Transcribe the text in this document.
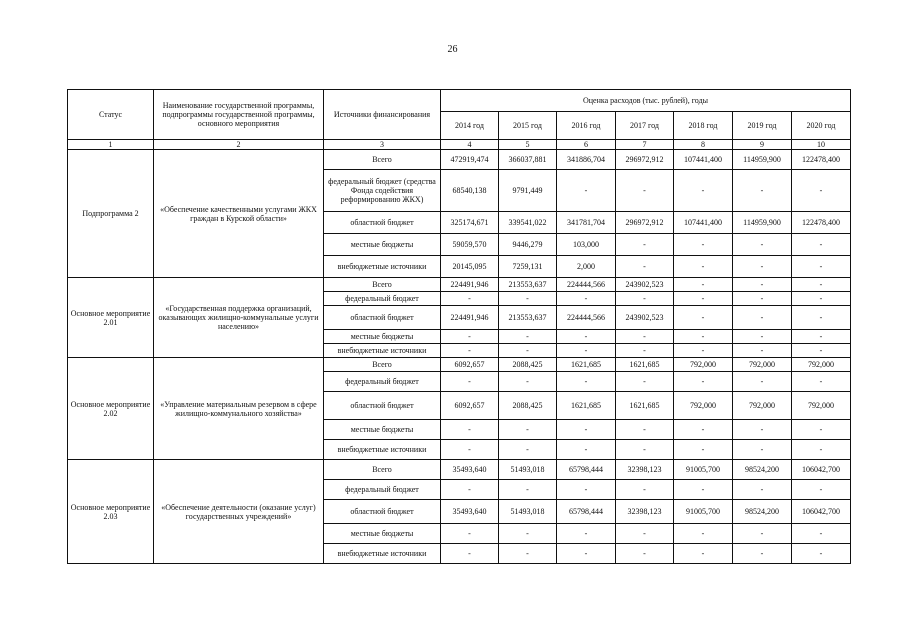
26
Статус	Наименование государственной программы, подпрограммы государственной программы, основного мероприятия	Источники финансирования	Оценка расходов (тыс. рублей), годы						
			2014 год	2015 год	2016 год	2017 год	2018 год	2019 год	2020 год
1	2	3	4	5	6	7	8	9	10
Подпрограмма 2	«Обеспечение качественными услугами ЖКХ граждан в Курской области»	Всего	472919,474	366037,881	341886,704	296972,912	107441,400	114959,900	122478,400
		федеральный бюджет (средства Фонда содействия реформированию ЖКХ)	68540,138	9791,449	-	-	-	-	-
		областной бюджет	325174,671	339541,022	341781,704	296972,912	107441,400	114959,900	122478,400
		местные бюджеты	59059,570	9446,279	103,000	-	-	-	-
		внебюджетные источники	20145,095	7259,131	2,000	-	-	-	-
Основное мероприятие 2.01	«Государственная поддержка организаций, оказывающих жилищно-коммунальные услуги населению»	Всего	224491,946	213553,637	224444,566	243902,523	-	-	-
		федеральный бюджет	-	-	-	-	-	-	-
		областной бюджет	224491,946	213553,637	224444,566	243902,523	-	-	-
		местные бюджеты	-	-	-	-	-	-	-
		внебюджетные источники	-	-	-	-	-	-	-
Основное мероприятие 2.02	«Управление материальным резервом в сфере жилищно-коммунального хозяйства»	Всего	6092,657	2088,425	1621,685	1621,685	792,000	792,000	792,000
		федеральный бюджет	-	-	-	-	-	-	-
		областной бюджет	6092,657	2088,425	1621,685	1621,685	792,000	792,000	792,000
		местные бюджеты	-	-	-	-	-	-	-
		внебюджетные источники	-	-	-	-	-	-	-
Основное мероприятие 2.03	«Обеспечение деятельности (оказание услуг) государственных учреждений»	Всего	35493,640	51493,018	65798,444	32398,123	91005,700	98524,200	106042,700
		федеральный бюджет	-	-	-	-	-	-	-
		областной бюджет	35493,640	51493,018	65798,444	32398,123	91005,700	98524,200	106042,700
		местные бюджеты	-	-	-	-	-	-	-
		внебюджетные источники	-	-	-	-	-	-	-
